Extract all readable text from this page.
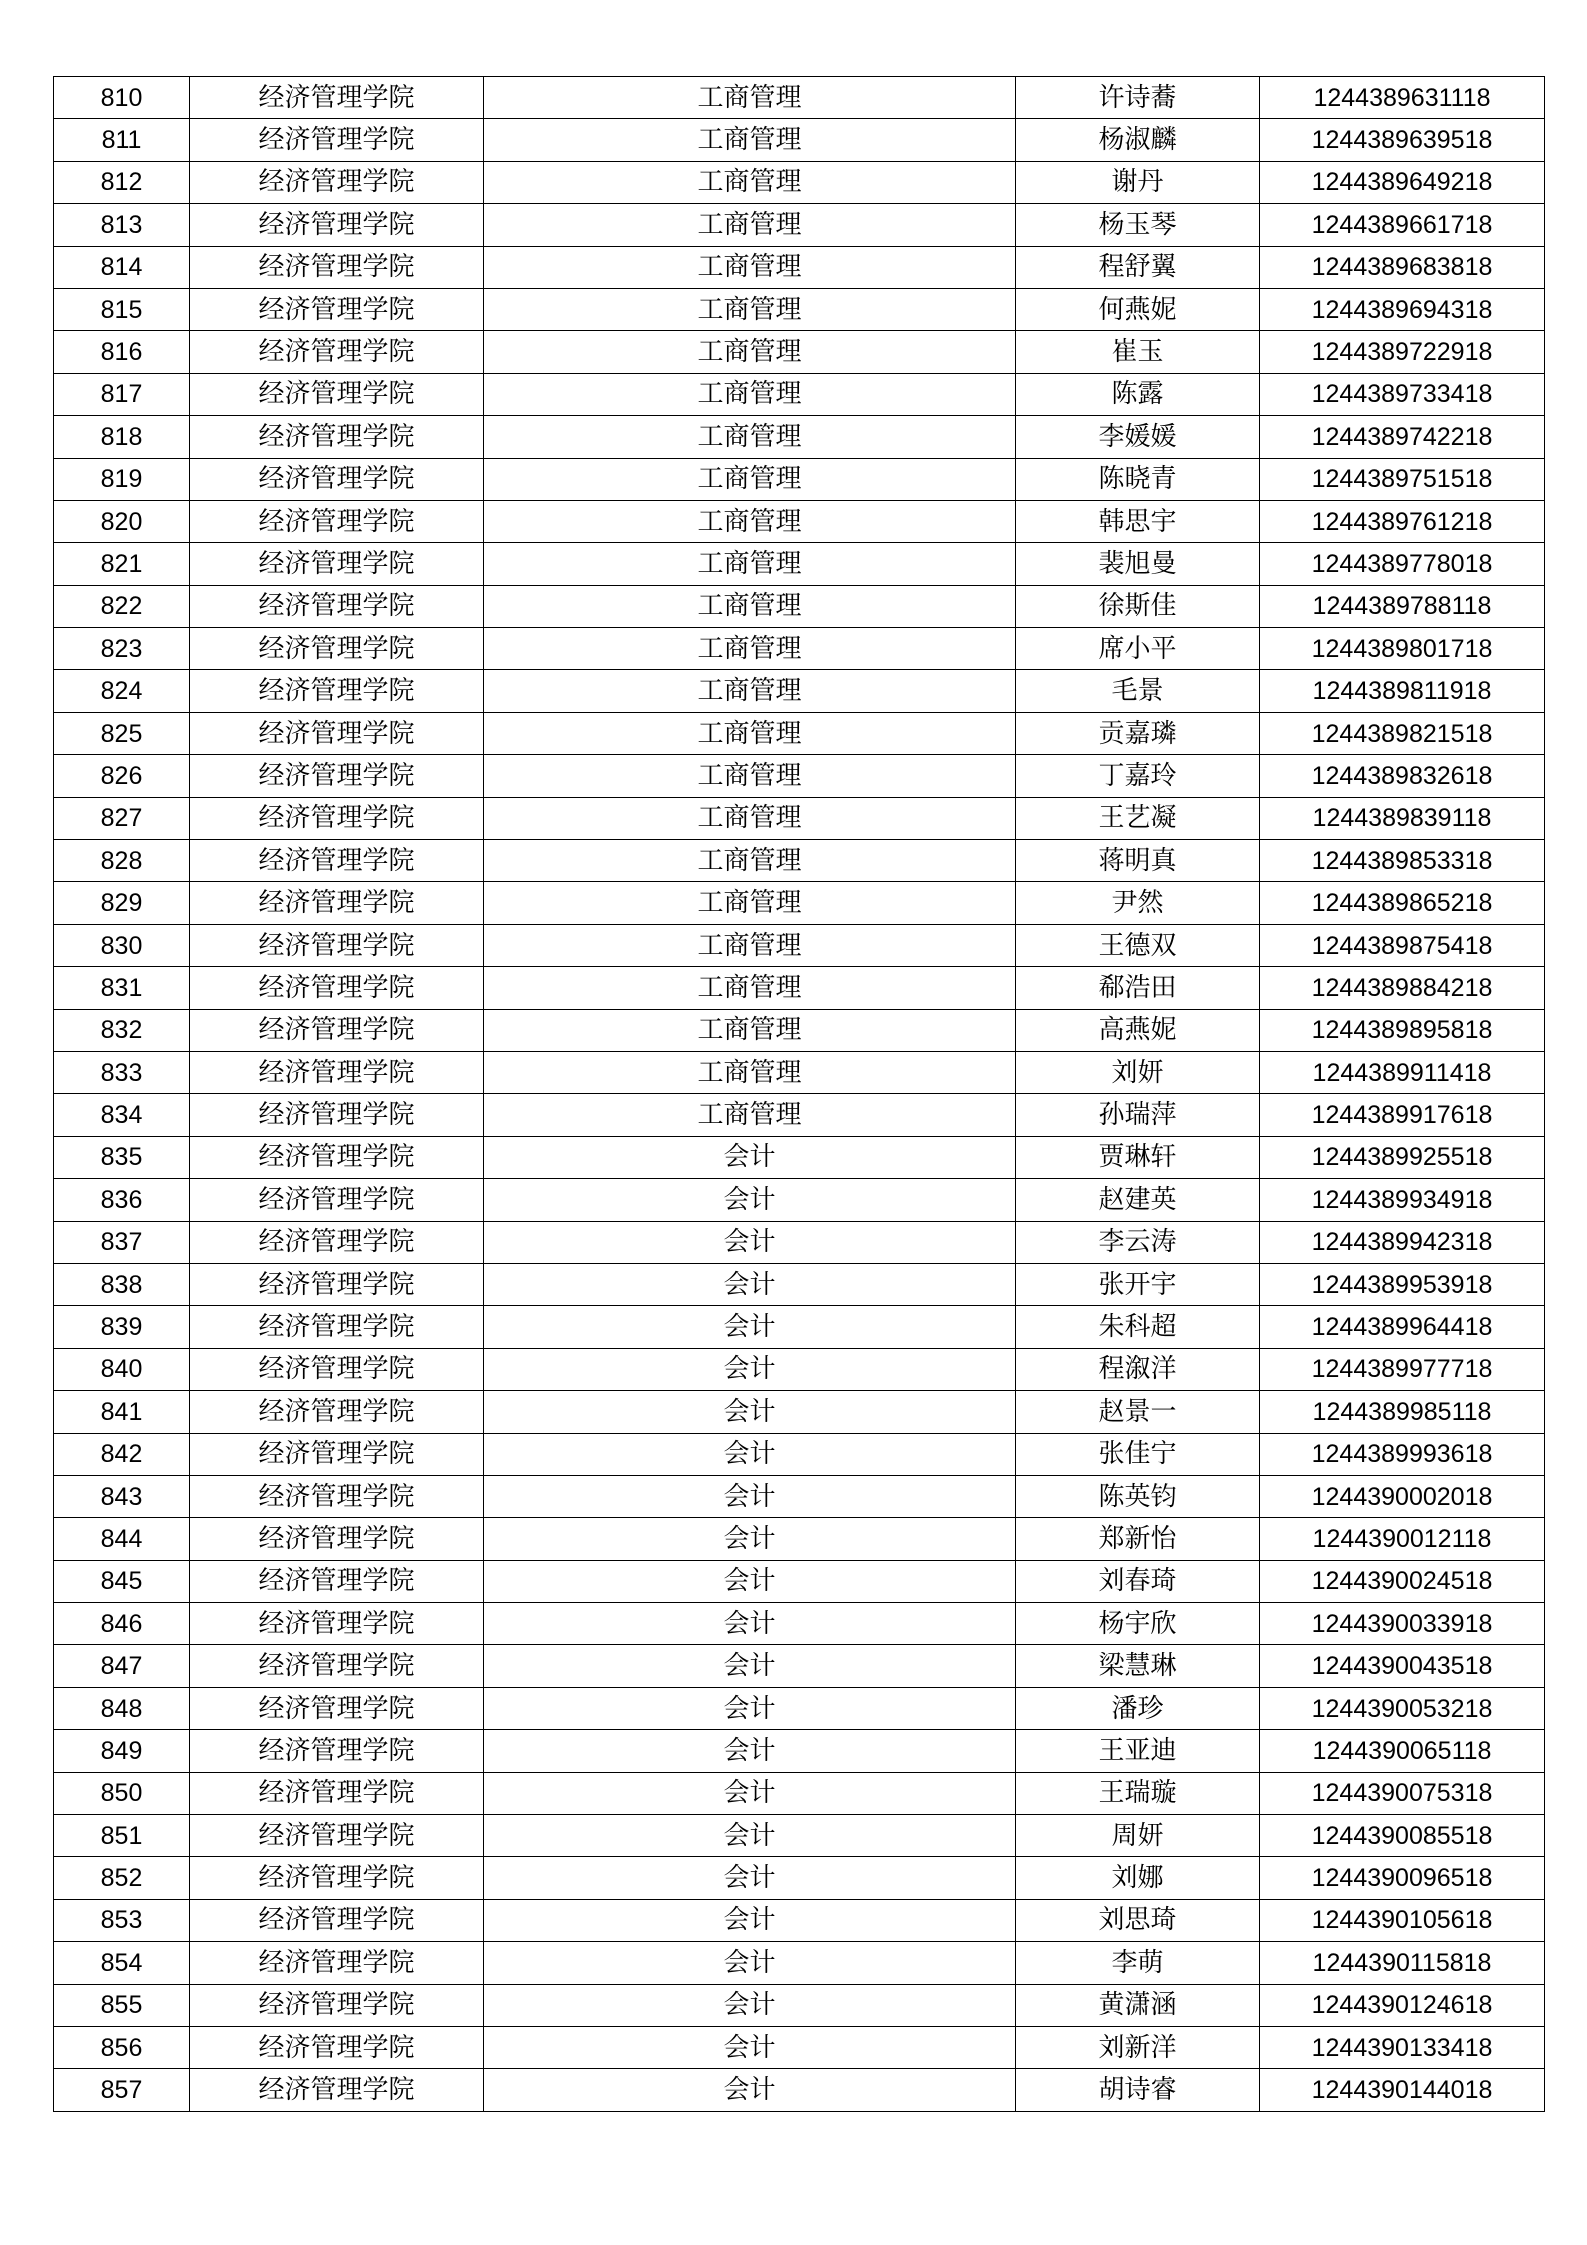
810	经济管理学院	工商管理	许诗蕎	1244389631118
811	经济管理学院	工商管理	杨淑麟	1244389639518
812	经济管理学院	工商管理	谢丹	1244389649218
813	经济管理学院	工商管理	杨玉琴	1244389661718
814	经济管理学院	工商管理	程舒翼	1244389683818
815	经济管理学院	工商管理	何燕妮	1244389694318
816	经济管理学院	工商管理	崔玉	1244389722918
817	经济管理学院	工商管理	陈露	1244389733418
818	经济管理学院	工商管理	李媛媛	1244389742218
819	经济管理学院	工商管理	陈晓青	1244389751518
820	经济管理学院	工商管理	韩思宇	1244389761218
821	经济管理学院	工商管理	裴旭曼	1244389778018
822	经济管理学院	工商管理	徐斯佳	1244389788118
823	经济管理学院	工商管理	席小平	1244389801718
824	经济管理学院	工商管理	毛景	1244389811918
825	经济管理学院	工商管理	贡嘉璘	1244389821518
826	经济管理学院	工商管理	丁嘉玲	1244389832618
827	经济管理学院	工商管理	王艺凝	1244389839118
828	经济管理学院	工商管理	蒋明真	1244389853318
829	经济管理学院	工商管理	尹然	1244389865218
830	经济管理学院	工商管理	王德双	1244389875418
831	经济管理学院	工商管理	郗浩田	1244389884218
832	经济管理学院	工商管理	高燕妮	1244389895818
833	经济管理学院	工商管理	刘妍	1244389911418
834	经济管理学院	工商管理	孙瑞萍	1244389917618
835	经济管理学院	会计	贾琳轩	1244389925518
836	经济管理学院	会计	赵建英	1244389934918
837	经济管理学院	会计	李云涛	1244389942318
838	经济管理学院	会计	张开宇	1244389953918
839	经济管理学院	会计	朱科超	1244389964418
840	经济管理学院	会计	程溆洋	1244389977718
841	经济管理学院	会计	赵景一	1244389985118
842	经济管理学院	会计	张佳宁	1244389993618
843	经济管理学院	会计	陈英钧	1244390002018
844	经济管理学院	会计	郑新怡	1244390012118
845	经济管理学院	会计	刘春琦	1244390024518
846	经济管理学院	会计	杨宇欣	1244390033918
847	经济管理学院	会计	梁慧琳	1244390043518
848	经济管理学院	会计	潘珍	1244390053218
849	经济管理学院	会计	王亚迪	1244390065118
850	经济管理学院	会计	王瑞璇	1244390075318
851	经济管理学院	会计	周妍	1244390085518
852	经济管理学院	会计	刘娜	1244390096518
853	经济管理学院	会计	刘思琦	1244390105618
854	经济管理学院	会计	李萌	1244390115818
855	经济管理学院	会计	黄潇涵	1244390124618
856	经济管理学院	会计	刘新洋	1244390133418
857	经济管理学院	会计	胡诗睿	1244390144018
